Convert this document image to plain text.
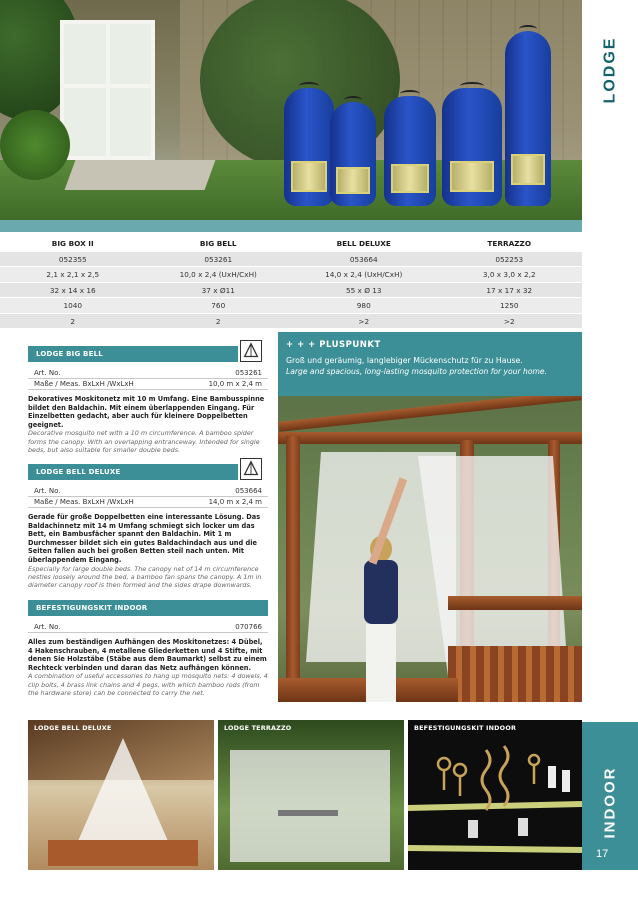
LODGE
INDOOR
17
BIG BOX II	BIG BELL	BELL DELUXE	TERRAZZO
052355	053261	053664	052253
2,1 x 2,1 x 2,5	10,0 x 2,4 (UxH/CxH)	14,0 x 2,4 (UxH/CxH)	3,0 x 3,0 x 2,2
32 x 14 x 16	37 x Ø11	55 x Ø 13	17 x 17 x 32
1040	760	980	1250
2	2	>2	>2
LODGE BIG BELL
Art. No.	053261
Maße / Meas. BxLxH /WxLxH	10,0 m x 2,4 m

Dekoratives Moskitonetz mit 10 m Umfang. Eine Bambusspinne bildet den Baldachin. Mit einem überlappenden Eingang. Für Einzelbetten gedacht, aber auch für kleinere Doppelbetten geeignet.

Decorative mosquito net with a 10 m circumference. A bamboo spider forms the canopy. With an overlapping entranceway. Intended for single beds, but also suitable for smaller double beds.

LODGE BELL DELUXE
Art. No.	053664
Maße / Meas. BxLxH /WxLxH	14,0 m x 2,4 m

Gerade für große Doppelbetten eine interessante Lösung. Das Baldachinnetz mit 14 m Umfang schmiegt sich locker um das Bett, ein Bambusfächer spannt den Baldachin. Mit 1 m Durchmesser bildet sich ein gutes Baldachindach aus und die Seiten fallen auch bei großen Betten steil nach unten. Mit überlappendem Eingang.

Especially for large double beds. The canopy net of 14 m circumference nestles loosely around the bed, a bamboo fan spans the canopy. A 1m in diameter canopy roof is then formed and the sides drape downwards.

BEFESTIGUNGSKIT INDOOR
Art. No.	070766

Alles zum beständigen Aufhängen des Moskitonetzes: 4 Dübel, 4 Hakenschrauben, 4 metallene Gliederketten und 4 Stifte, mit denen Sie Holzstäbe (Stäbe aus dem Baumarkt) selbst zu einem Rechteck verbinden und daran das Netz aufhängen können.

A combination of useful accessories to hang up mosquito nets: 4 dowels, 4 clip bolts, 4 brass link chains and 4 pegs, with which bamboo rods (from the hardware store) can be connected to carry the net.

+ + + PLUSPUNKT
Groß und geräumig, langlebiger Mückenschutz für zu Hause.
Large and spacious, long-lasting mosquito protection for your home.
LODGE BELL DELUXE	LODGE TERRAZZO	BEFESTIGUNGSKIT INDOOR
